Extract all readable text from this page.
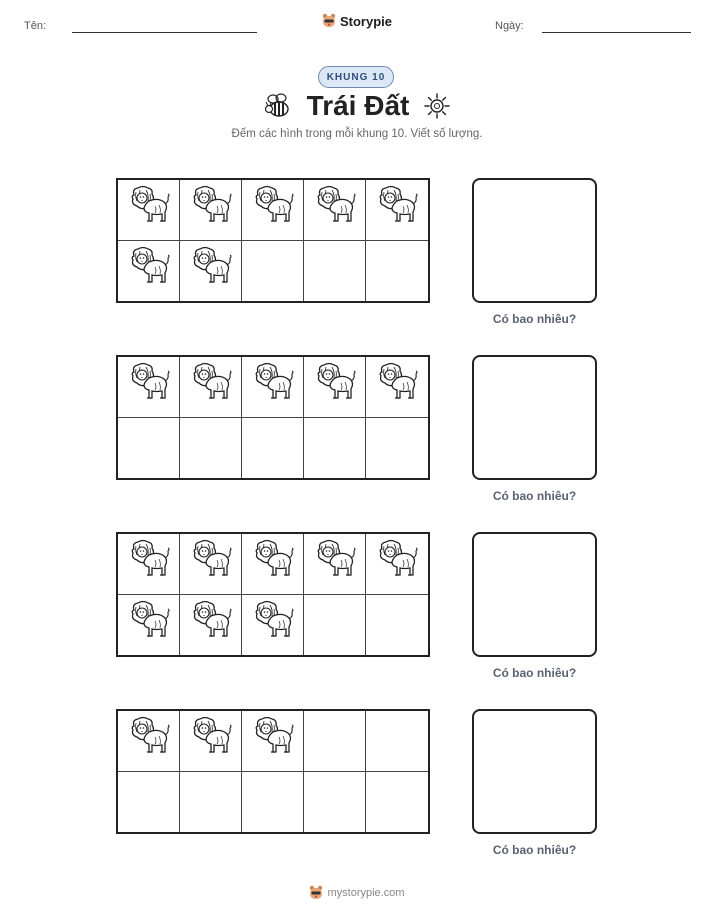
Tên:	Storypie	Ngày:
KHUNG 10
Trái Đất
Đếm các hình trong mỗi khung 10. Viết số lượng.
Có bao nhiêu?
Có bao nhiêu?
Có bao nhiêu?
Có bao nhiêu?
mystorypie.com
